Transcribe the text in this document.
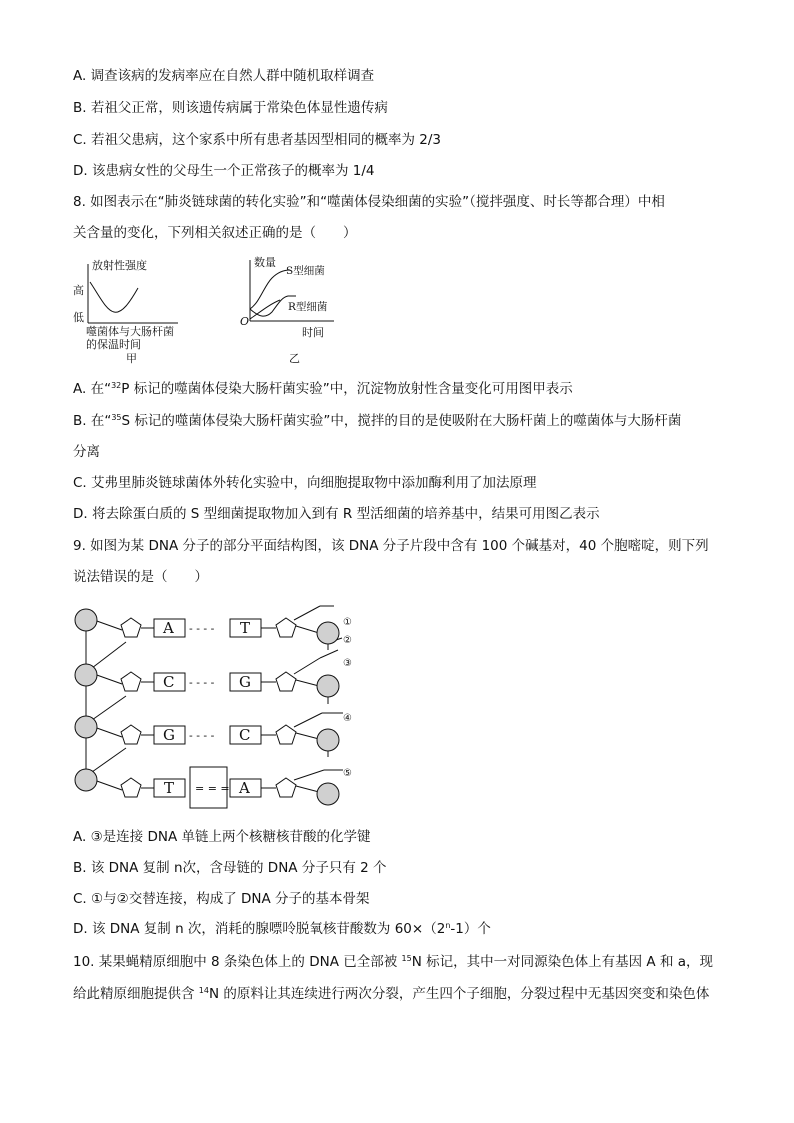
A. 调查该病的发病率应在自然人群中随机取样调查
B. 若祖父正常，则该遗传病属于常染色体显性遗传病
C. 若祖父患病，这个家系中所有患者基因型相同的概率为 2/3
D. 该患病女性的父母生一个正常孩子的概率为 1/4
8. 如图表示在“肺炎链球菌的转化实验”和“噬菌体侵染细菌的实验”（搅拌强度、时长等都合理）中相
关含量的变化，下列相关叙述正确的是（　　）
放射性强度
高
低
噬菌体与大肠杆菌
的保温时间
甲
数量
S型细菌
R型细菌
O
时间
乙
A. 在“$^{32}$P 标记的噬菌体侵染大肠杆菌实验”中，沉淀物放射性含量变化可用图甲表示
B. 在“$^{35}$S 标记的噬菌体侵染大肠杆菌实验”中，搅拌的目的是使吸附在大肠杆菌上的噬菌体与大肠杆菌
分离
C. 艾弗里肺炎链球菌体外转化实验中，向细胞提取物中添加酶利用了加法原理
D. 将去除蛋白质的 S 型细菌提取物加入到有 R 型活细菌的培养基中，结果可用图乙表示
9. 如图为某 DNA 分子的部分平面结构图，该 DNA 分子片段中含有 100 个碱基对，40 个胞嘧啶，则下列
说法错误的是（　　）
A
C
G
T
T
G
C
A
- - - -
- - - -
- - - -
= = =
①
②
③
④
⑤
A. ③是连接 DNA 单链上两个核糖核苷酸的化学键
B. 该 DNA 复制 n次，含母链的 DNA 分子只有 2 个
C. ①与②交替连接，构成了 DNA 分子的基本骨架
D. 该 DNA 复制 n 次，消耗的腺嘌呤脱氧核苷酸数为 $60\times(2^n-1)$个
10. 某果蝇精原细胞中 8 条染色体上的 DNA 已全部被 $^{15}$N 标记，其中一对同源染色体上有基因 A 和 a，现
给此精原细胞提供含 $^{14}$N 的原料让其连续进行两次分裂，产生四个子细胞，分裂过程中无基因突变和染色体
